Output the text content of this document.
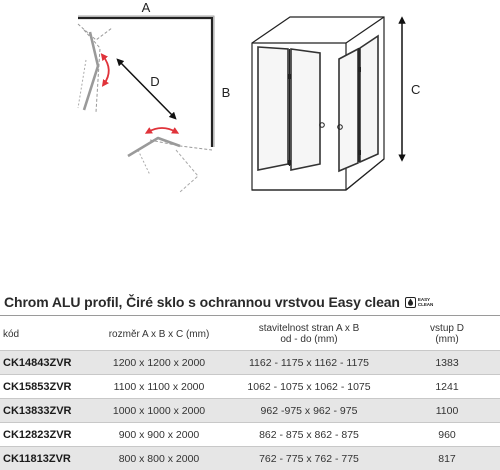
A
B
D
C
Chrom ALU profil, Čiré sklo s ochrannou vrstvou Easy clean	EASY
CLEAN
kód	rozměr A x B x C (mm)	stavitelnost stran A x B
od - do (mm)	vstup D
(mm)
CK14843ZVR	1200 x 1200 x 2000	1162 - 1175 x 1162 - 1175	1383
CK15853ZVR	1100 x 1100 x 2000	1062 - 1075 x 1062 - 1075	1241
CK13833ZVR	1000 x 1000 x 2000	962 -975 x 962 - 975	1100
CK12823ZVR	900 x 900 x 2000	862 - 875 x 862 - 875	960
CK11813ZVR	800 x 800 x 2000	762 - 775 x 762 - 775	817
